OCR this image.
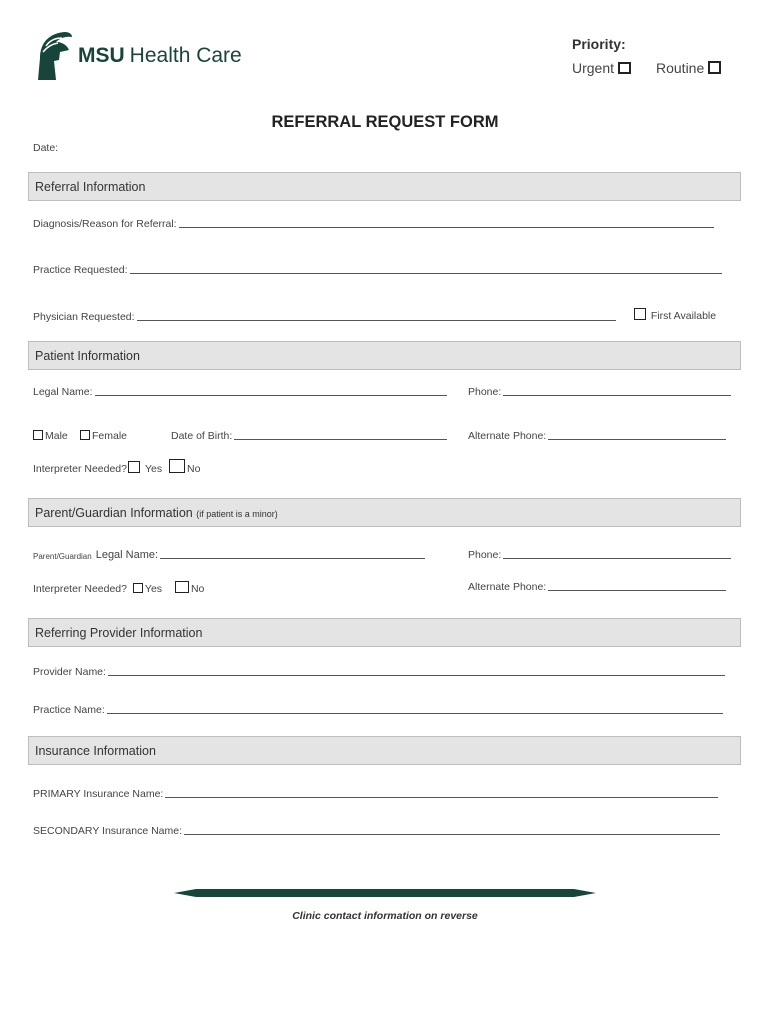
MSU Health Care	Priority:
Urgent	Routine
REFERRAL REQUEST FORM
Date:
Referral Information
Diagnosis/Reason for Referral:
Practice Requested:
Physician Requested:	First Available
Patient Information
Legal Name:	Phone:
Male	Female	Date of Birth:	Alternate Phone:
Interpreter Needed? Yes No
Parent/Guardian Information (if patient is a minor)
Parent/Guardian Legal Name:	Phone:
Interpreter Needed? Yes	No	Alternate Phone:
Referring Provider Information
Provider Name:
Practice Name:
Insurance Information
PRIMARY Insurance Name:
SECONDARY Insurance Name:
Clinic contact information on reverse
